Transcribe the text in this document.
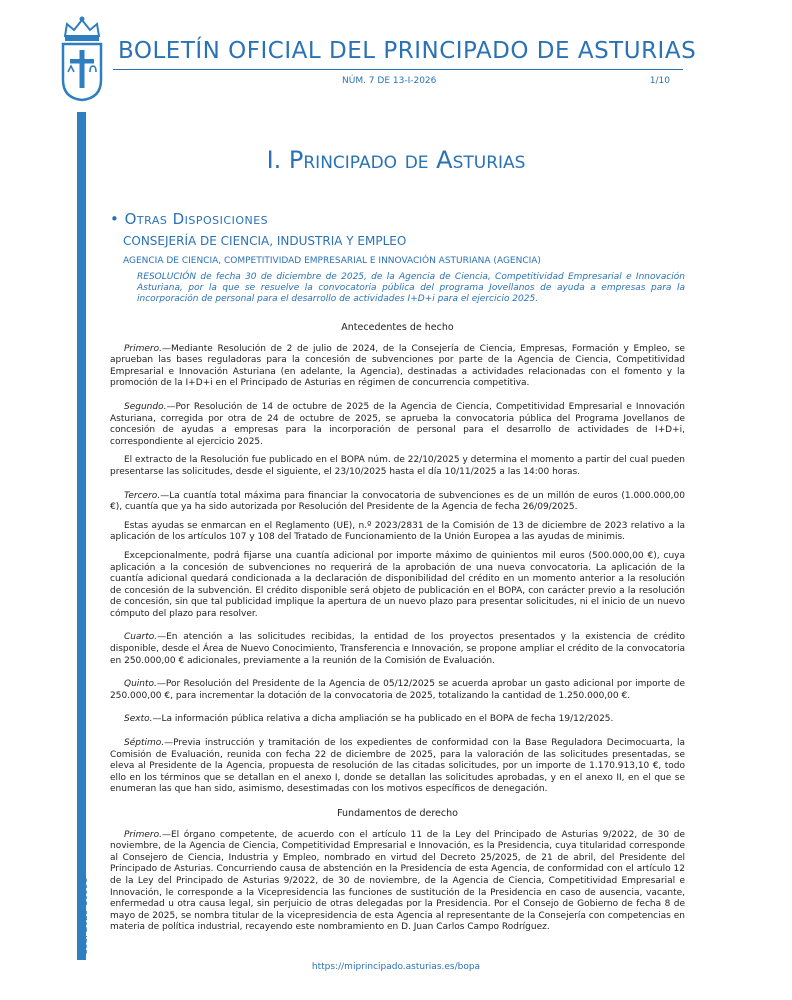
Cód. 2025-10998
BOLETÍN OFICIAL DEL PRINCIPADO DE ASTURIAS
NÚM. 7 DE 13-I-2026	1/10
I. Principado de Asturias
• Otras Disposiciones
CONSEJERÍA DE CIENCIA, INDUSTRIA Y EMPLEO
AGENCIA DE CIENCIA, COMPETITIVIDAD EMPRESARIAL E INNOVACIÓN ASTURIANA (AGENCIA)
RESOLUCIÓN de fecha 30 de diciembre de 2025, de la Agencia de Ciencia, Competitividad Empresarial e Innovación Asturiana, por la que se resuelve la convocatoria pública del programa Jovellanos de ayuda a empresas para la incorporación de personal para el desarrollo de actividades I+D+i para el ejercicio 2025.
Antecedentes de hecho

Primero.—Mediante Resolución de 2 de julio de 2024, de la Consejería de Ciencia, Empresas, Formación y Empleo, se aprueban las bases reguladoras para la concesión de subvenciones por parte de la Agencia de Ciencia, Competitividad Empresarial e Innovación Asturiana (en adelante, la Agencia), destinadas a actividades relacionadas con el fomento y la promoción de la I+D+i en el Principado de Asturias en régimen de concurrencia competitiva.

Segundo.—Por Resolución de 14 de octubre de 2025 de la Agencia de Ciencia, Competitividad Empresarial e Innovación Asturiana, corregida por otra de 24 de octubre de 2025, se aprueba la convocatoria pública del Programa Jovellanos de concesión de ayudas a empresas para la incorporación de personal para el desarrollo de actividades de I+D+i, correspondiente al ejercicio 2025.

El extracto de la Resolución fue publicado en el BOPA núm. de 22/10/2025 y determina el momento a partir del cual pueden presentarse las solicitudes, desde el siguiente, el 23/10/2025 hasta el día 10/11/2025 a las 14:00 horas.

Tercero.—La cuantía total máxima para financiar la convocatoria de subvenciones es de un millón de euros (1.000.000,00 €), cuantía que ya ha sido autorizada por Resolución del Presidente de la Agencia de fecha 26/09/2025.

Estas ayudas se enmarcan en el Reglamento (UE), n.º 2023/2831 de la Comisión de 13 de diciembre de 2023 relativo a la aplicación de los artículos 107 y 108 del Tratado de Funcionamiento de la Unión Europea a las ayudas de minimis.

Excepcionalmente, podrá fijarse una cuantía adicional por importe máximo de quinientos mil euros (500.000,00 €), cuya aplicación a la concesión de subvenciones no requerirá de la aprobación de una nueva convocatoria. La aplicación de la cuantía adicional quedará condicionada a la declaración de disponibilidad del crédito en un momento anterior a la resolución de concesión de la subvención. El crédito disponible será objeto de publicación en el BOPA, con carácter previo a la resolución de concesión, sin que tal publicidad implique la apertura de un nuevo plazo para presentar solicitudes, ni el inicio de un nuevo cómputo del plazo para resolver.

Cuarto.—En atención a las solicitudes recibidas, la entidad de los proyectos presentados y la existencia de crédito disponible, desde el Área de Nuevo Conocimiento, Transferencia e Innovación, se propone ampliar el crédito de la convocatoria en 250.000,00 € adicionales, previamente a la reunión de la Comisión de Evaluación.

Quinto.—Por Resolución del Presidente de la Agencia de 05/12/2025 se acuerda aprobar un gasto adicional por importe de 250.000,00 €, para incrementar la dotación de la convocatoria de 2025, totalizando la cantidad de 1.250.000,00 €.

Sexto.—La información pública relativa a dicha ampliación se ha publicado en el BOPA de fecha 19/12/2025.

Séptimo.—Previa instrucción y tramitación de los expedientes de conformidad con la Base Reguladora Decimocuarta, la Comisión de Evaluación, reunida con fecha 22 de diciembre de 2025, para la valoración de las solicitudes presentadas, se eleva al Presidente de la Agencia, propuesta de resolución de las citadas solicitudes, por un importe de 1.170.913,10 €, todo ello en los términos que se detallan en el anexo I, donde se detallan las solicitudes aprobadas, y en el anexo II, en el que se enumeran las que han sido, asimismo, desestimadas con los motivos específicos de denegación.

Fundamentos de derecho

Primero.—El órgano competente, de acuerdo con el artículo 11 de la Ley del Principado de Asturias 9/2022, de 30 de noviembre, de la Agencia de Ciencia, Competitividad Empresarial e Innovación, es la Presidencia, cuya titularidad corresponde al Consejero de Ciencia, Industria y Empleo, nombrado en virtud del Decreto 25/2025, de 21 de abril, del Presidente del Principado de Asturias. Concurriendo causa de abstención en la Presidencia de esta Agencia, de conformidad con el artículo 12 de la Ley del Principado de Asturias 9/2022, de 30 de noviembre, de la Agencia de Ciencia, Competitividad Empresarial e Innovación, le corresponde a la Vicepresidencia las funciones de sustitución de la Presidencia en caso de ausencia, vacante, enfermedad u otra causa legal, sin perjuicio de otras delegadas por la Presidencia. Por el Consejo de Gobierno de fecha 8 de mayo de 2025, se nombra titular de la vicepresidencia de esta Agencia al representante de la Consejería con competencias en materia de política industrial, recayendo este nombramiento en D. Juan Carlos Campo Rodríguez.

https://miprincipado.asturias.es/bopa
